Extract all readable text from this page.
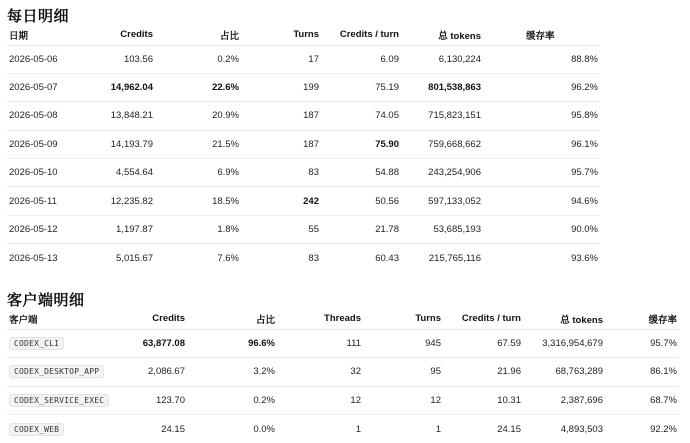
每日明细
日期	Credits	占比	Turns	Credits / turn	总 tokens	缓存率
2026-05-06	103.56	0.2%	17	6.09	6,130,224	88.8%
2026-05-07	14,962.04	22.6%	199	75.19	801,538,863	96.2%
2026-05-08	13,848.21	20.9%	187	74.05	715,823,151	95.8%
2026-05-09	14,193.79	21.5%	187	75.90	759,668,662	96.1%
2026-05-10	4,554.64	6.9%	83	54.88	243,254,906	95.7%
2026-05-11	12,235.82	18.5%	242	50.56	597,133,052	94.6%
2026-05-12	1,197.87	1.8%	55	21.78	53,685,193	90.0%
2026-05-13	5,015.67	7.6%	83	60.43	215,765,116	93.6%
客户端明细
客户端	Credits	占比	Threads	Turns	Credits / turn	总 tokens	缓存率
CODEX_CLI	63,877.08	96.6%	111	945	67.59	3,316,954,679	95.7%
CODEX_DESKTOP_APP	2,086.67	3.2%	32	95	21.96	68,763,289	86.1%
CODEX_SERVICE_EXEC	123.70	0.2%	12	12	10.31	2,387,696	68.7%
CODEX_WEB	24.15	0.0%	1	1	24.15	4,893,503	92.2%
